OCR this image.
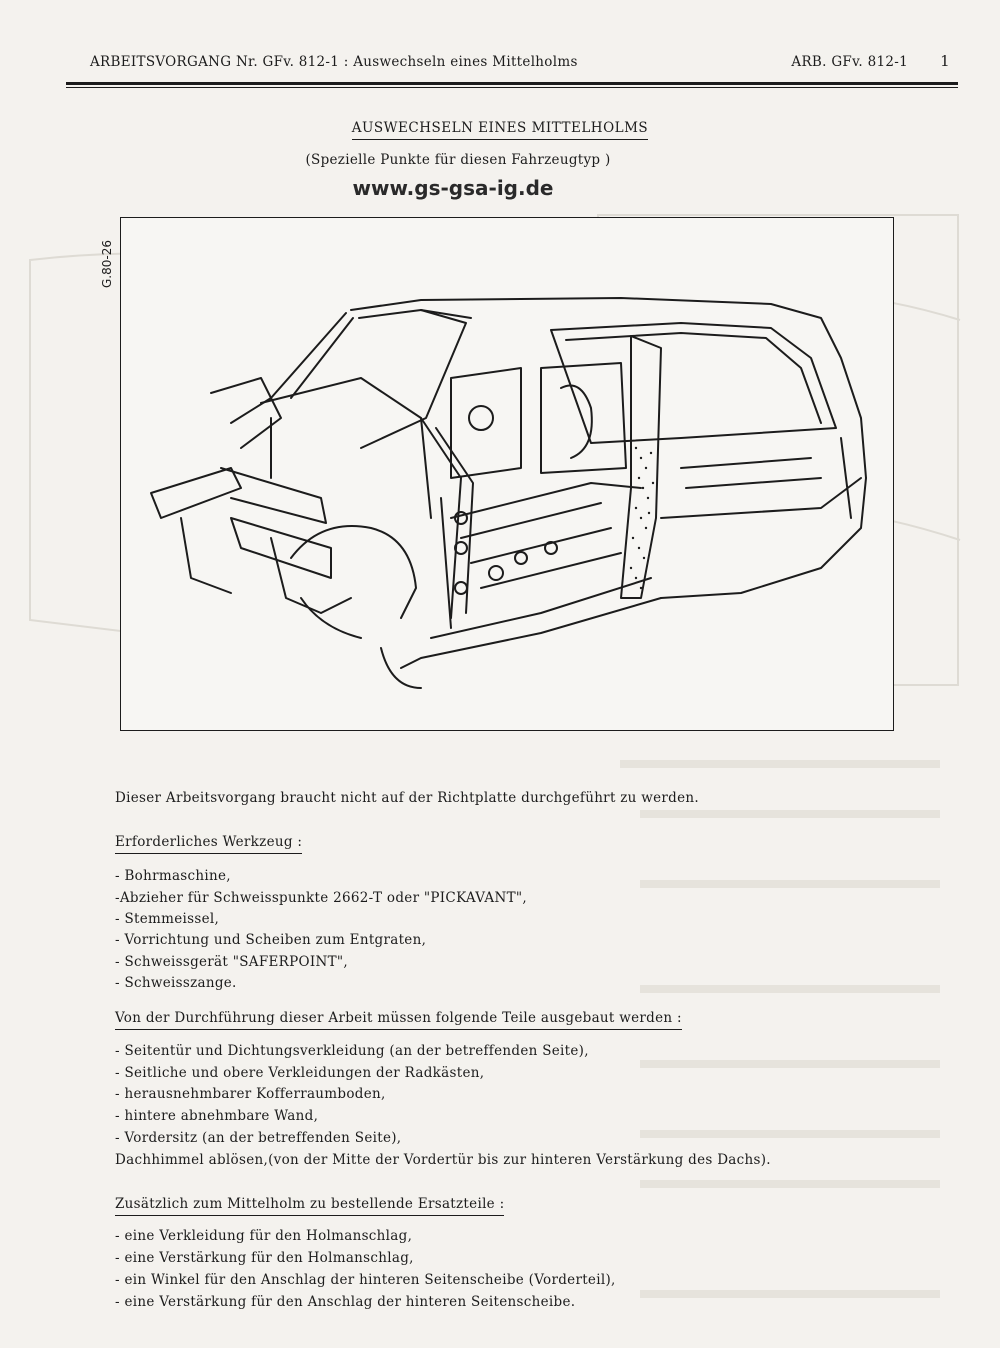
ARBEITSVORGANG Nr. GFv. 812-1 : Auswechseln eines Mittelholms	ARB. GFv. 812-1 1
AUSWECHSELN EINES MITTELHOLMS
(Spezielle Punkte für diesen Fahrzeugtyp )
www.gs-gsa-ig.de
G.80-26
Dieser Arbeitsvorgang braucht nicht auf der Richtplatte durchgeführt zu werden.
Erforderliches Werkzeug :
- Bohrmaschine,
-Abzieher für Schweisspunkte 2662-T oder "PICKAVANT",
- Stemmeissel,
- Vorrichtung und Scheiben zum Entgraten,
- Schweissgerät "SAFERPOINT",
- Schweisszange.
Von der Durchführung dieser Arbeit müssen folgende Teile ausgebaut werden :
- Seitentür und Dichtungsverkleidung (an der betreffenden Seite),
- Seitliche und obere Verkleidungen der Radkästen,
- herausnehmbarer Kofferraumboden,
- hintere abnehmbare Wand,
- Vordersitz (an der betreffenden Seite),
Dachhimmel ablösen,(von der Mitte der Vordertür bis zur hinteren Verstärkung des Dachs).
Zusätzlich zum Mittelholm zu bestellende Ersatzteile :
- eine Verkleidung für den Holmanschlag,
- eine Verstärkung für den Holmanschlag,
- ein Winkel für den Anschlag der hinteren Seitenscheibe (Vorderteil),
- eine Verstärkung für den Anschlag der hinteren Seitenscheibe.
